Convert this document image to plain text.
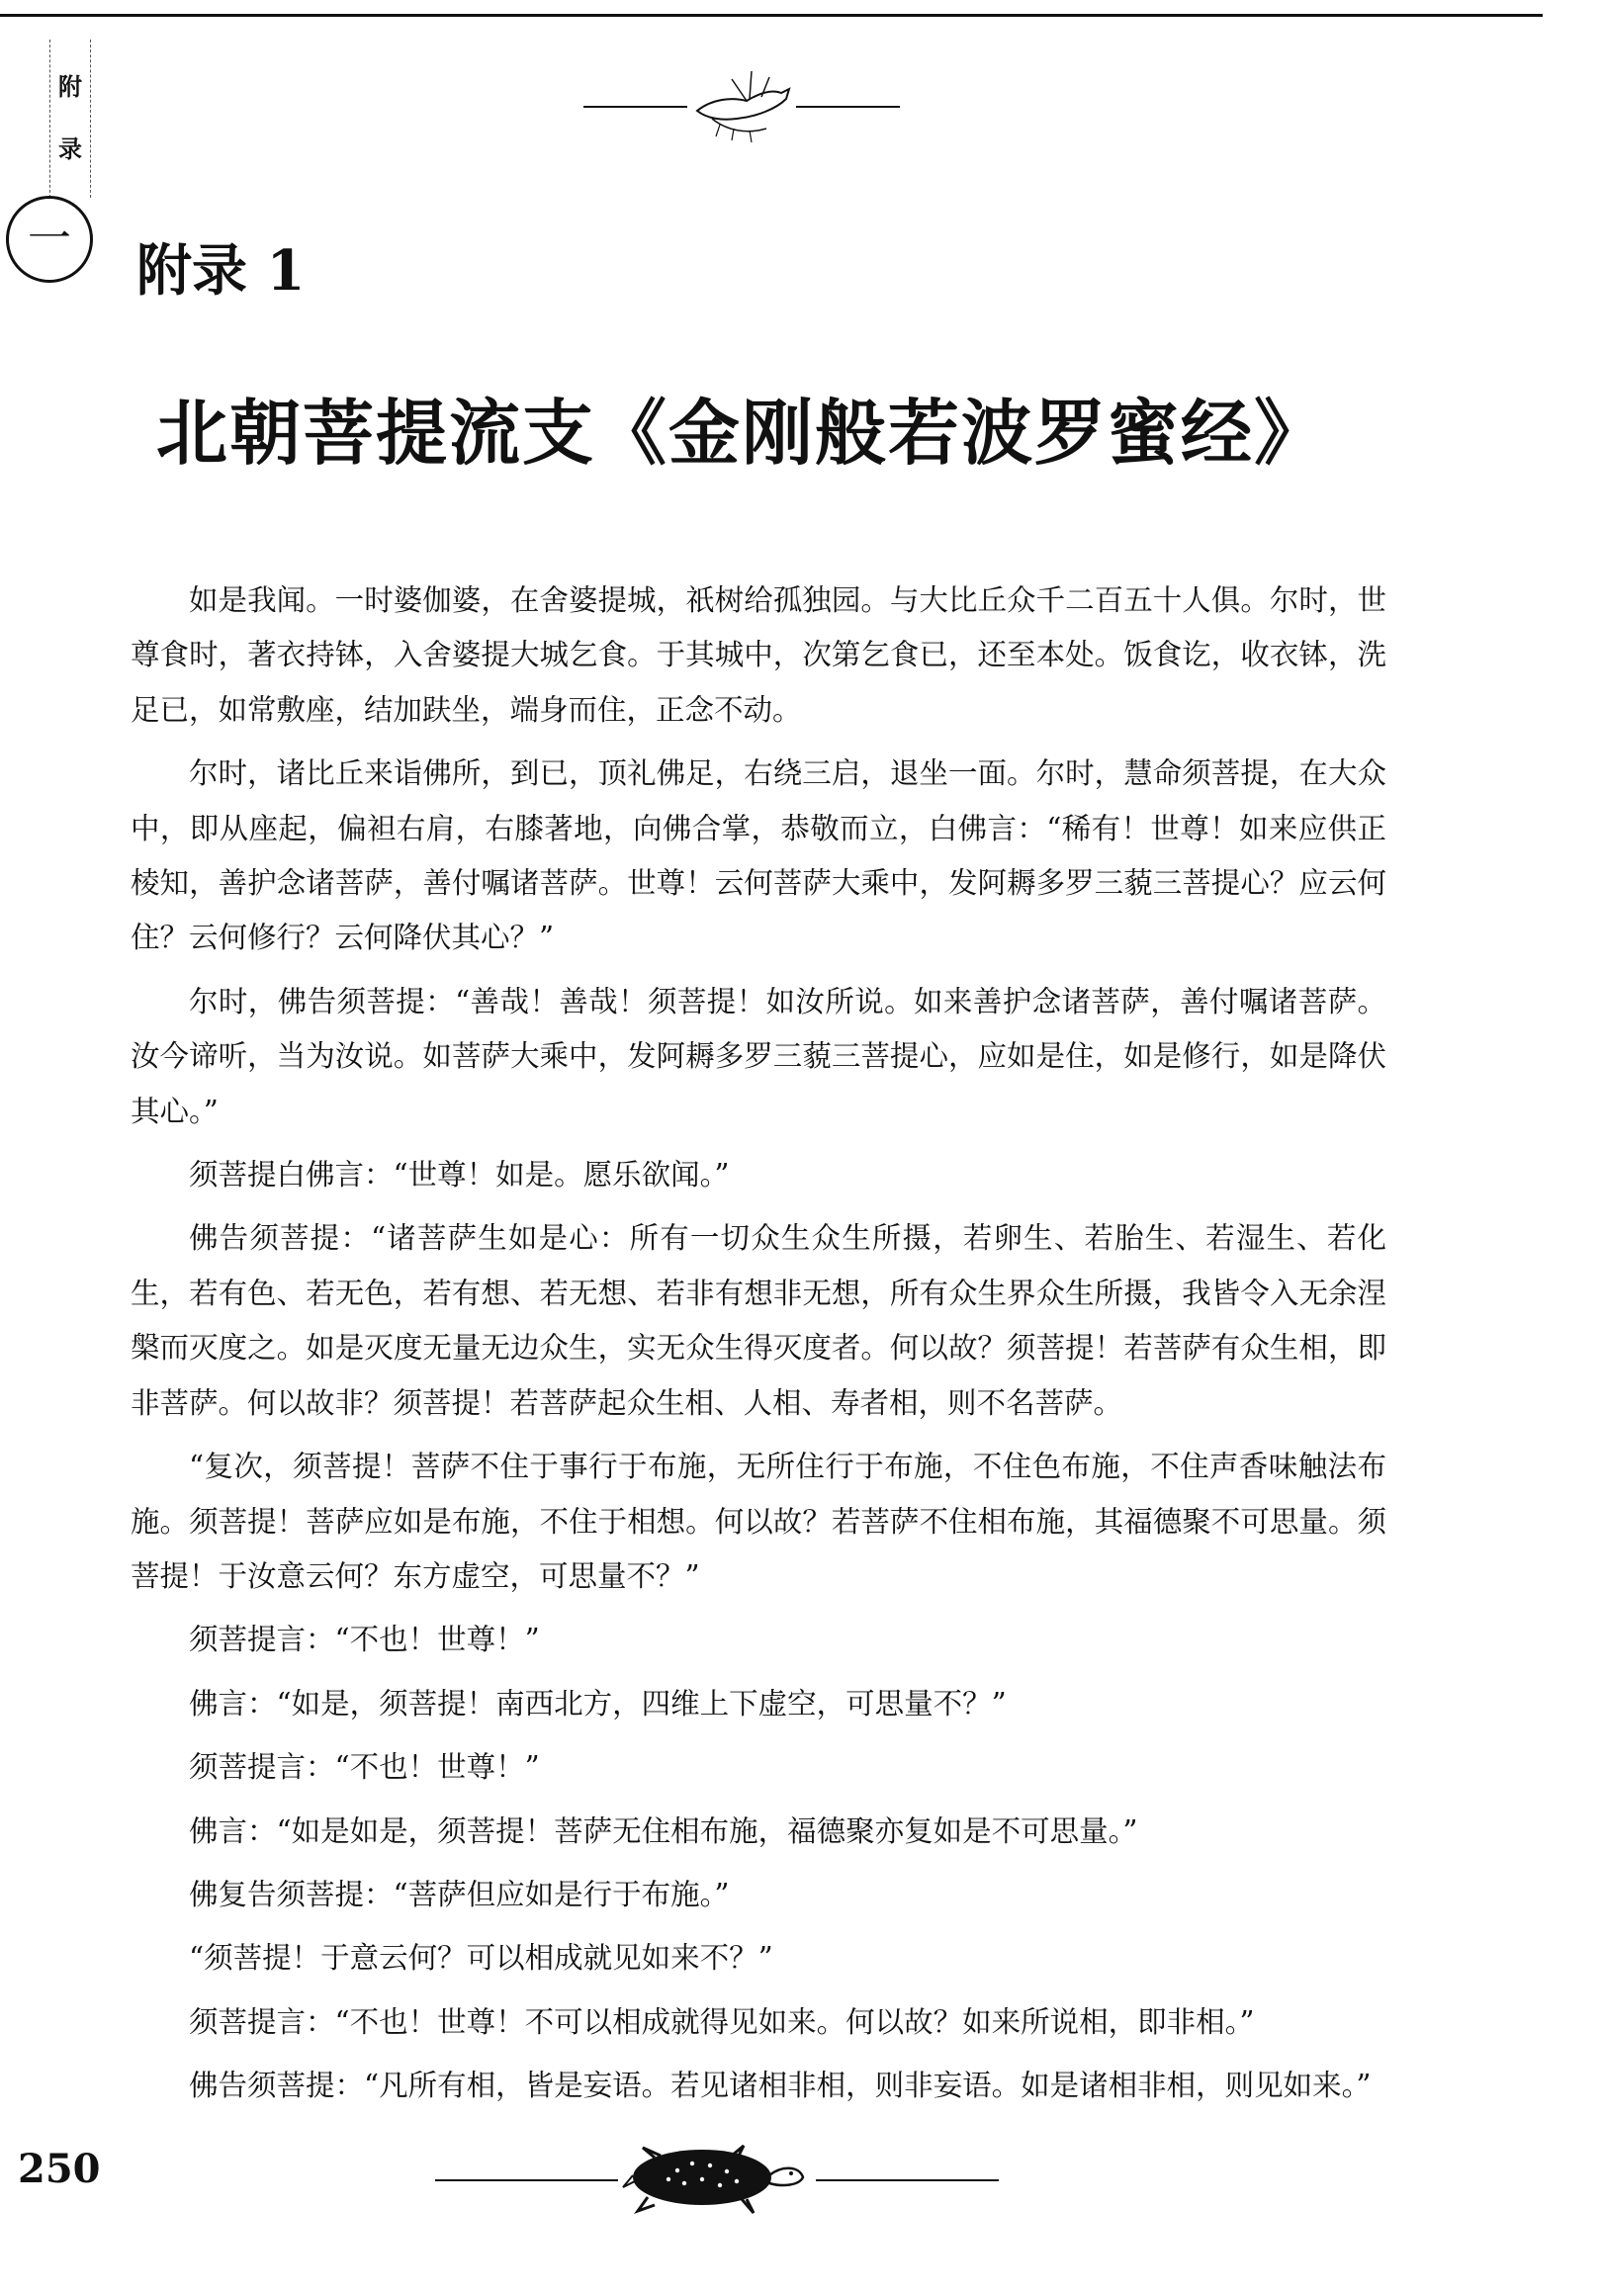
附
录
一	附录 1
北朝菩提流支《金刚般若波罗蜜经》

如是我闻。一时婆伽婆，在舍婆提城，祇树给孤独园。与大比丘众千二百五十人俱。尔时，世尊食时，著衣持钵，入舍婆提大城乞食。于其城中，次第乞食已，还至本处。饭食讫，收衣钵，洗足已，如常敷座，结加趺坐，端身而住，正念不动。

尔时，诸比丘来诣佛所，到已，顶礼佛足，右绕三启，退坐一面。尔时，慧命须菩提，在大众中，即从座起，偏袒右肩，右膝著地，向佛合掌，恭敬而立，白佛言：“稀有！世尊！如来应供正棱知，善护念诸菩萨，善付嘱诸菩萨。世尊！云何菩萨大乘中，发阿耨多罗三藐三菩提心？应云何住？云何修行？云何降伏其心？”

尔时，佛告须菩提：“善哉！善哉！须菩提！如汝所说。如来善护念诸菩萨，善付嘱诸菩萨。汝今谛听，当为汝说。如菩萨大乘中，发阿耨多罗三藐三菩提心，应如是住，如是修行，如是降伏其心。”

须菩提白佛言：“世尊！如是。愿乐欲闻。”

佛告须菩提：“诸菩萨生如是心：所有一切众生众生所摄，若卵生、若胎生、若湿生、若化生，若有色、若无色，若有想、若无想、若非有想非无想，所有众生界众生所摄，我皆令入无余涅槃而灭度之。如是灭度无量无边众生，实无众生得灭度者。何以故？须菩提！若菩萨有众生相，即非菩萨。何以故非？须菩提！若菩萨起众生相、人相、寿者相，则不名菩萨。

“复次，须菩提！菩萨不住于事行于布施，无所住行于布施，不住色布施，不住声香味触法布施。须菩提！菩萨应如是布施，不住于相想。何以故？若菩萨不住相布施，其福德聚不可思量。须菩提！于汝意云何？东方虚空，可思量不？”

须菩提言：“不也！世尊！”

佛言：“如是，须菩提！南西北方，四维上下虚空，可思量不？”

须菩提言：“不也！世尊！”

佛言：“如是如是，须菩提！菩萨无住相布施，福德聚亦复如是不可思量。”

佛复告须菩提：“菩萨但应如是行于布施。”

“须菩提！于意云何？可以相成就见如来不？”

须菩提言：“不也！世尊！不可以相成就得见如来。何以故？如来所说相，即非相。”

佛告须菩提：“凡所有相，皆是妄语。若见诸相非相，则非妄语。如是诸相非相，则见如来。”

250
